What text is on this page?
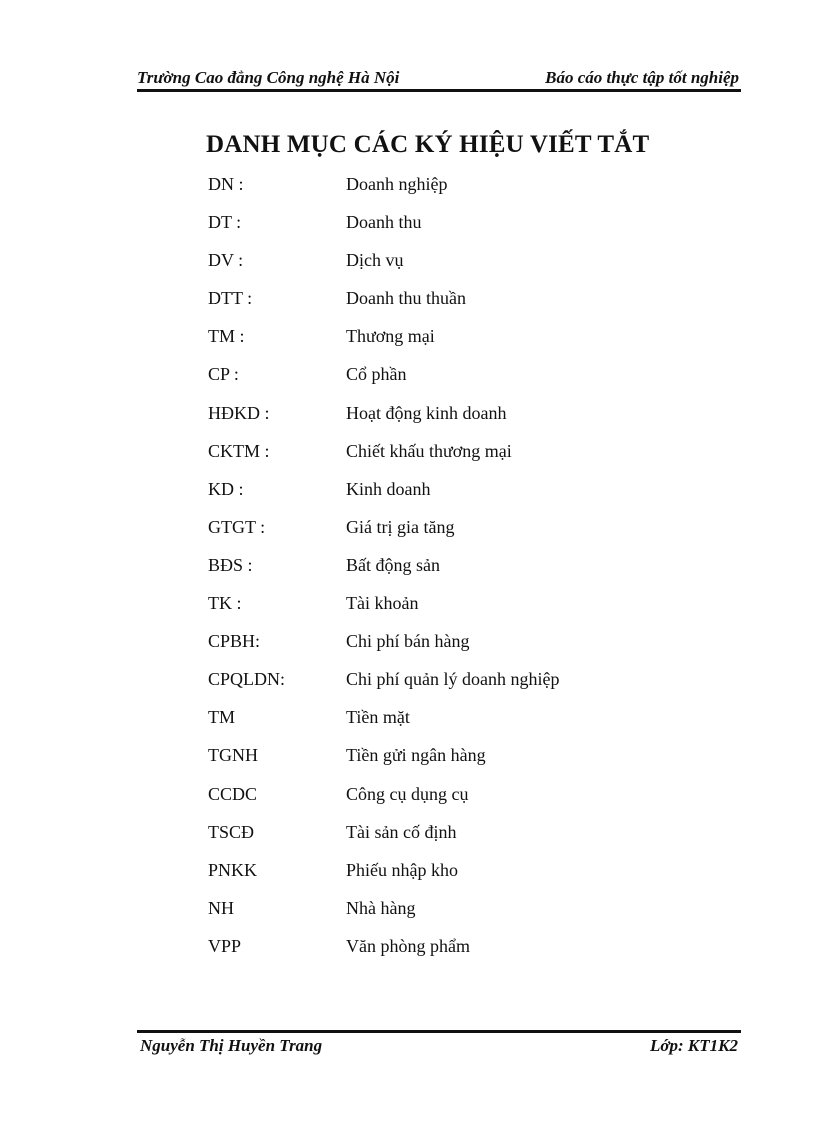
Trường Cao đẳng Công nghệ Hà Nội	Báo cáo thực tập tốt nghiệp
DANH MỤC CÁC KÝ HIỆU VIẾT TẮT
DN :	Doanh nghiệp
DT :	Doanh thu
DV :	Dịch vụ
DTT :	Doanh thu thuần
TM :	Thương mại
CP :	Cổ phần
HĐKD :	Hoạt động kinh doanh
CKTM :	Chiết khấu thương mại
KD :	Kinh doanh
GTGT :	Giá trị gia tăng
BĐS :	Bất động sản
TK :	Tài khoản
CPBH:	Chi phí bán hàng
CPQLDN:	Chi phí quản lý doanh nghiệp
TM	Tiền mặt
TGNH	Tiền gửi ngân hàng
CCDC	Công cụ dụng cụ
TSCĐ	Tài sản cố định
PNKK	Phiếu nhập kho
NH	Nhà hàng
VPP	Văn phòng phẩm
Nguyễn Thị Huyền Trang	Lớp: KT1K2
